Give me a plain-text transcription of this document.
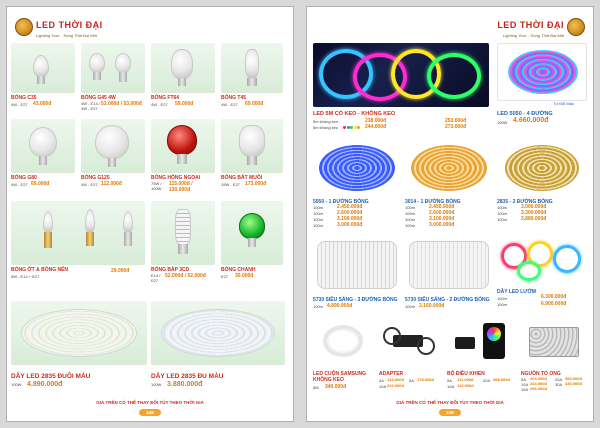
LED THỜI ĐẠI
Lighting Your - Trọng Thời Đại Mới
BÓNG C35
4W - E27 43.000đ
BÓNG G45 4W
4W - E14 / 4W - E27
53.000đ / 53.000đ
BÓNG FT64
4W - E27 59.000đ
BÓNG T45
4W - E27 69.000đ
BÓNG G80
4W - E27 69.000đ
BÓNG G125
4W - E27 112.000đ
BÓNG HỒNG NGOẠI
75W / 100W
115.000đ / 130.000đ
BÓNG BẮT MUỖI
15W - E27 173.000đ
BÓNG ỚT & BÓNG NẾN
5W - E14 + E27
29.000đ	BÓNG BẮP 3CD
E14 / E27
52.000đ / 52.000đ
BÓNG CHANH
E27 30.000đ
DÂY LED 2835 ĐUÔI MÀU
100W 4.890.000đ
DÂY LED 2835 ĐU MÀU
100W 3.880.000đ
GIÁ TRÊN CÓ THỂ THAY ĐỔI TÙY THEO THỜI GIÁ
248
LED THỜI ĐẠI
Lighting Your - Trọng Thời Đại Mới
LED 5M CÓ KEO - KHÔNG KEO
5m không keo
5m không keo
238.000đ
244.000đ
253.000đ
273.000đ
Tự Đổi Màu
LED 5050 - 4 ĐƯỜNG
100W 4.660.000đ
5050 - 1 ĐƯỜNG BÓNG
100m
100m
100m
100m
2.450.000đ
2.600.000đ
3.100.000đ
3.000.000đ
3014 - 1 ĐƯỜNG BÓNG
100m
100m
100m
100m
2.450.000đ
2.600.000đ
3.100.000đ
3.000.000đ
2835 - 2 ĐƯỜNG BÓNG
100m
100m
100m
3.000.000đ
3.300.000đ
3.880.000đ
5730 SIÊU SÁNG - 3 ĐƯỜNG BÓNG
100m 4.890.000đ
5730 SIÊU SÁNG - 2 ĐƯỜNG BÓNG
100m 3.160.000đ
DÂY LED LƯỚM
100m
100m
6.300.000đ
6.900.000đ
LED CUỘN SAMSUNG KHÔNG KEO
5M 340.000đ
ADAPTER
3A
10A
143.000đ
222.000đ
5A 178.000đ
BỘ ĐIỀU KHIỂN
5A
10A
111.000đ
113.000đ
20A 268.000đ
NGUỒN TỔ ONG
5A
10A
15A
204.000đ
224.000đ
266.000đ
20A
30A
366.000đ
440.000đ
GIÁ TRÊN CÓ THỂ THAY ĐỔI TÙY THEO THỜI GIÁ
249
